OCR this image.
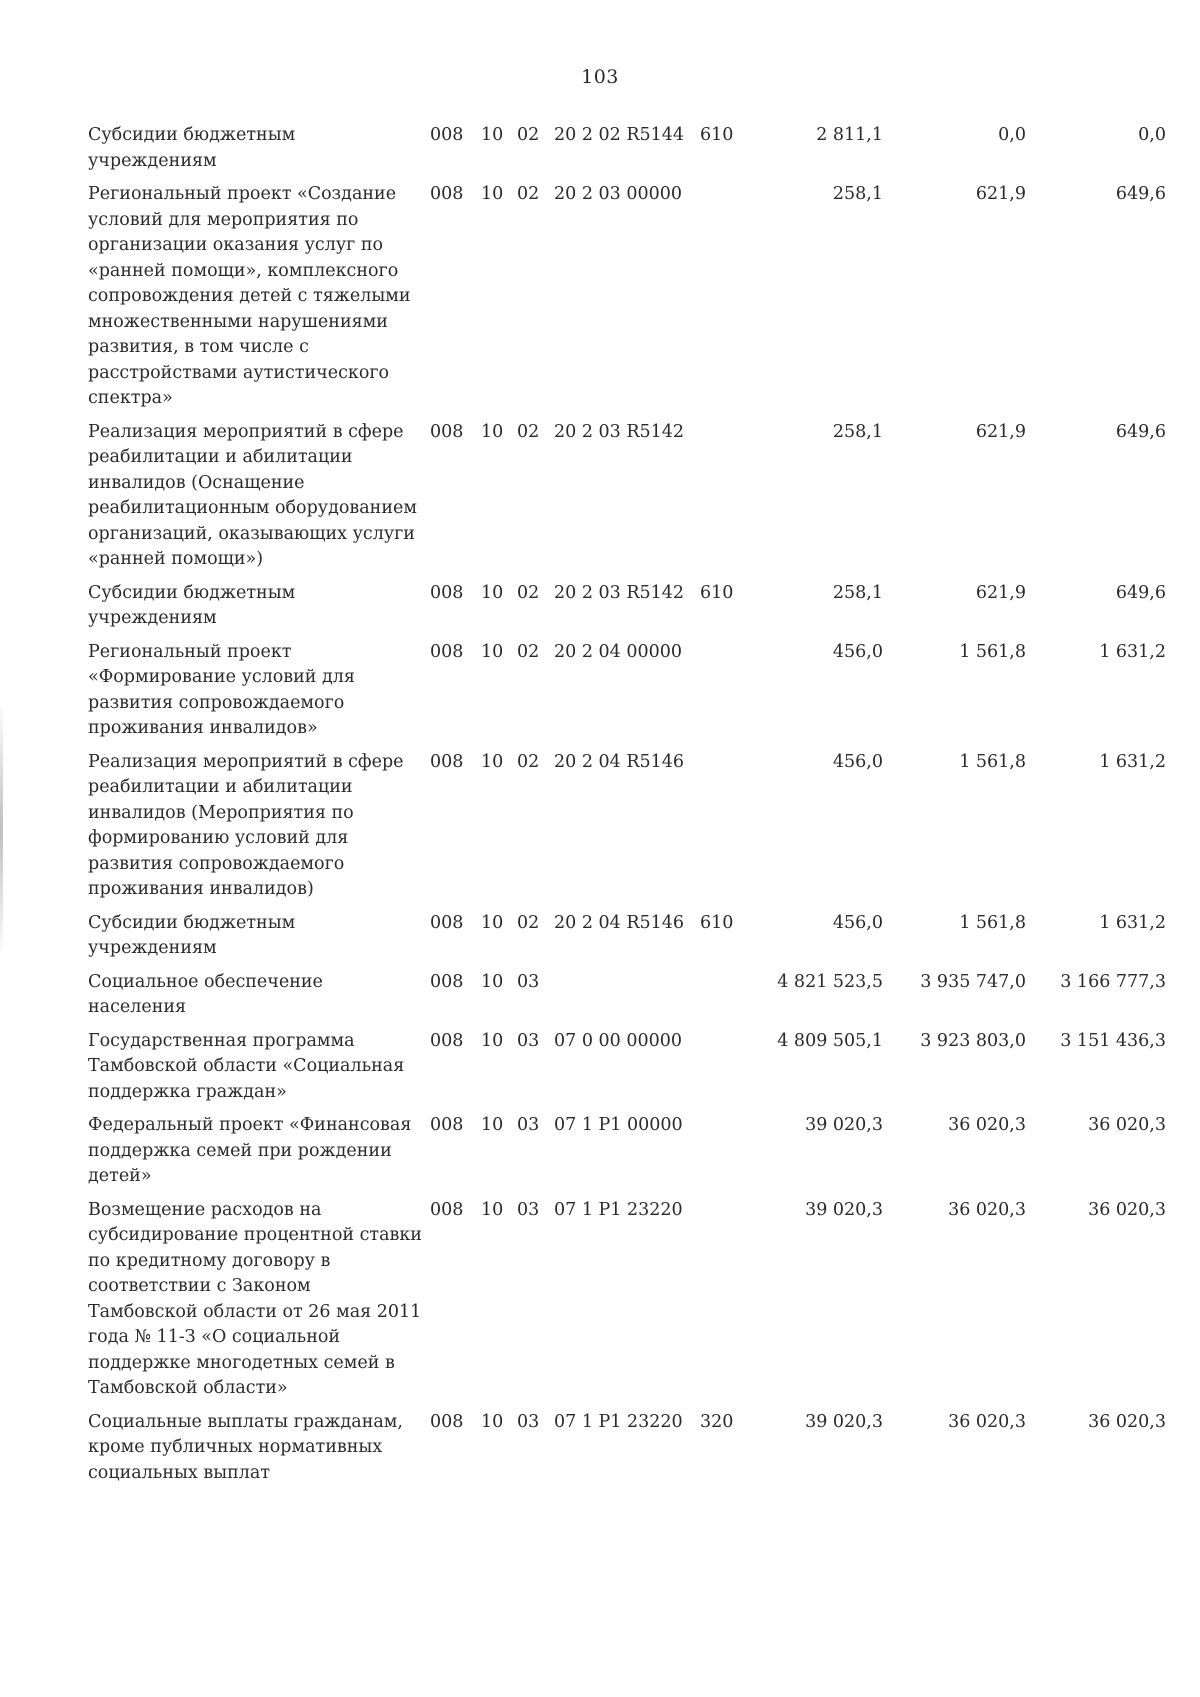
103
Субсидии бюджетным учреждениям	008	10	02	20 2 02 R5144	610	2 811,1	0,0	0,0
Региональный проект «Создание условий для мероприятия по организации оказания услуг по «ранней помощи», комплексного сопровождения детей с тяжелыми множественными нарушениями развития, в том числе с расстройствами аутистического спектра»	008	10	02	20 2 03 00000		258,1	621,9	649,6
Реализация мероприятий в сфере реабилитации и абилитации инвалидов (Оснащение реабилитационным оборудованием организаций, оказывающих услуги «ранней помощи»)	008	10	02	20 2 03 R5142		258,1	621,9	649,6
Субсидии бюджетным учреждениям	008	10	02	20 2 03 R5142	610	258,1	621,9	649,6
Региональный проект «Формирование условий для развития сопровождаемого проживания инвалидов»	008	10	02	20 2 04 00000		456,0	1 561,8	1 631,2
Реализация мероприятий в сфере реабилитации и абилитации инвалидов (Мероприятия по формированию условий для развития сопровождаемого проживания инвалидов)	008	10	02	20 2 04 R5146		456,0	1 561,8	1 631,2
Субсидии бюджетным учреждениям	008	10	02	20 2 04 R5146	610	456,0	1 561,8	1 631,2
Социальное обеспечение населения	008	10	03			4 821 523,5	3 935 747,0	3 166 777,3
Государственная программа Тамбовской области «Социальная поддержка граждан»	008	10	03	07 0 00 00000		4 809 505,1	3 923 803,0	3 151 436,3
Федеральный проект «Финансовая поддержка семей при рождении детей»	008	10	03	07 1 P1 00000		39 020,3	36 020,3	36 020,3
Возмещение расходов на субсидирование процентной ставки по кредитному договору в соответствии с Законом Тамбовской области от 26 мая 2011 года № 11-З «О социальной поддержке многодетных семей в Тамбовской области»	008	10	03	07 1 P1 23220		39 020,3	36 020,3	36 020,3
Социальные выплаты гражданам, кроме публичных нормативных социальных выплат	008	10	03	07 1 P1 23220	320	39 020,3	36 020,3	36 020,3
